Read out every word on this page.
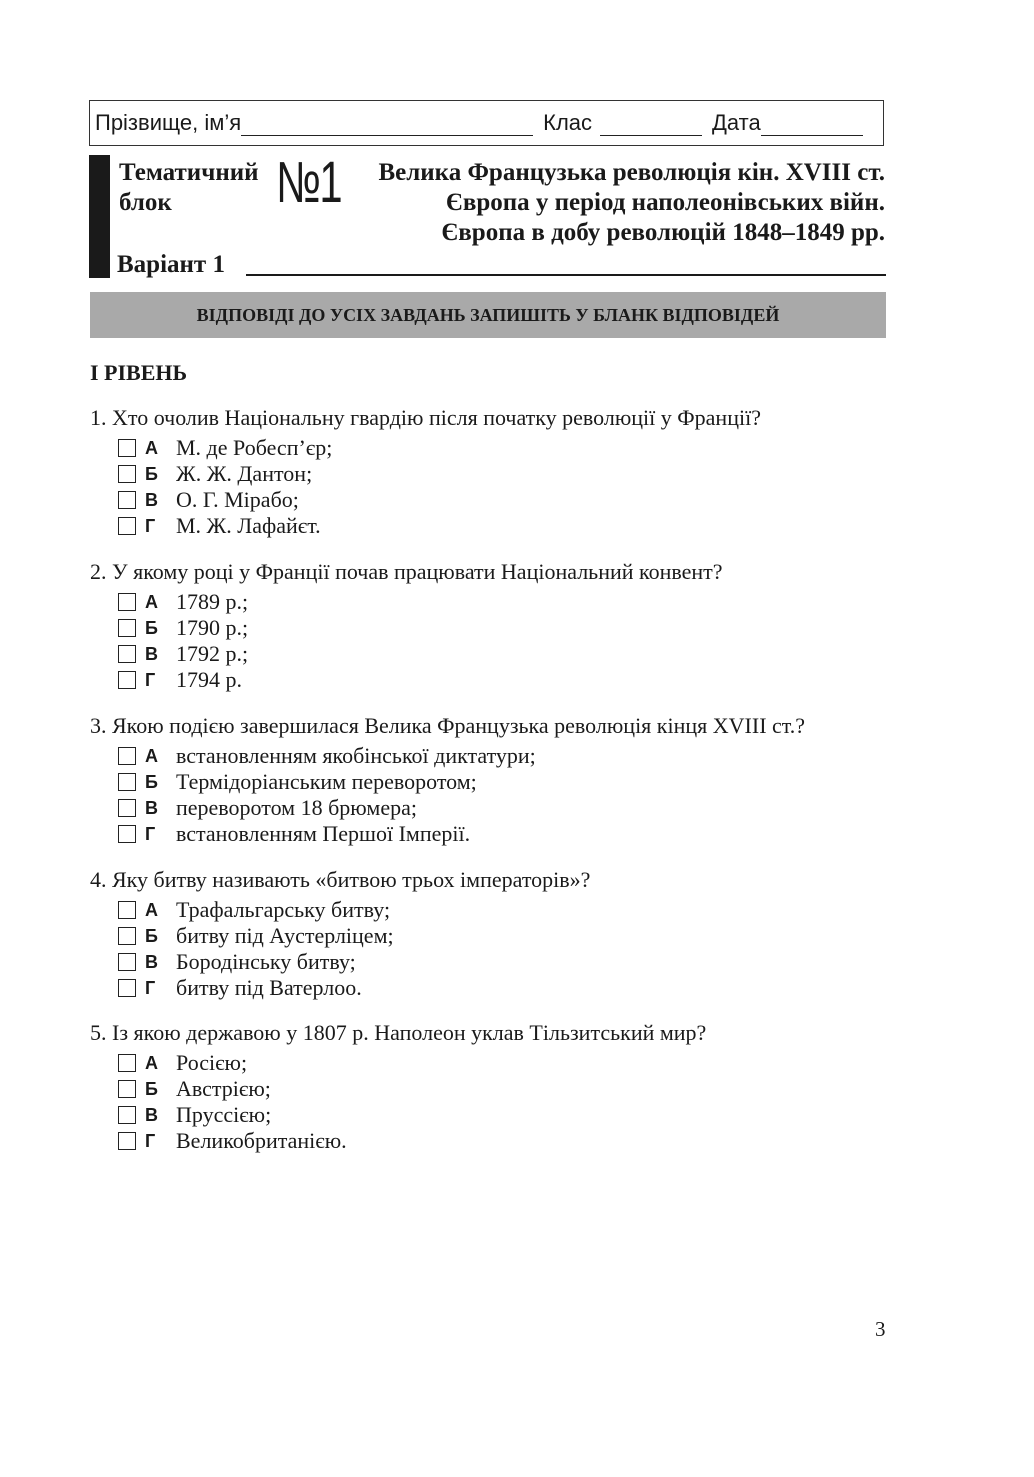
Прізвище, ім’я	Клас	Дата
Тематичний
блок	№1 Велика Французька революція кін. XVIII ст.
Європа у період наполеонівських війн.
Європа в добу революцій 1848–1849 рр.
Варіант 1
ВІДПОВІДІ ДО УСІХ ЗАВДАНЬ ЗАПИШІТЬ У БЛАНК ВІДПОВІДЕЙ
І РІВЕНЬ
1. Хто очолив Національну гвардію після початку революції у Франції?
А М. де Робесп’єр;
Б Ж. Ж. Дантон;
В О. Г. Мірабо;
Г М. Ж. Лафайєт.
2. У якому році у Франції почав працювати Національний конвент?
А 1789 р.;
Б 1790 р.;
В 1792 р.;
Г 1794 р.
3. Якою подією завершилася Велика Французька революція кінця XVIII ст.?
А встановленням якобінської диктатури;
Б Термідоріанським переворотом;
В переворотом 18 брюмера;
Г встановленням Першої Імперії.
4. Яку битву називають «битвою трьох імператорів»?
А Трафальгарську битву;
Б битву під Аустерліцем;
В Бородінську битву;
Г битву під Ватерлоо.
5. Із якою державою у 1807 р. Наполеон уклав Тільзитський мир?
А Росією;
Б Австрією;
В Пруссією;
Г Великобританією.
3
